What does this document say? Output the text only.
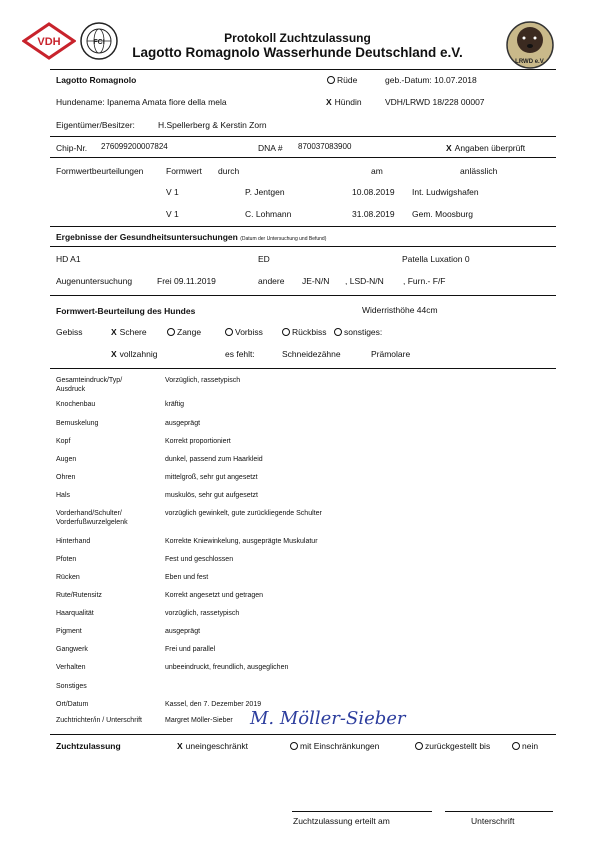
VDH	FCI
LRWD e.V.
Protokoll Zuchtzulassung
Lagotto Romagnolo Wasserhunde Deutschland e.V.
Lagotto Romagnolo	Rüde	geb.-Datum: 10.07.2018
Hundename: Ipanema Amata fiore della mela	X Hündin	VDH/LRWD 18/228 00007
Eigentümer/Besitzer:	H.Spellerberg & Kerstin Zorn
Chip-Nr. 276099200007824	DNA # 870037083900	X Angaben überprüft
Formwertbeurteilungen	Formwert durch	am	anlässlich
V 1	P. Jentgen	10.08.2019 Int. Ludwigshafen
V 1	C. Lohmann	31.08.2019 Gem. Moosburg
Ergebnisse der Gesundheitsuntersuchungen (Datum der Untersuchung und Befund)
HD A1	ED	Patella Luxation 0
Augenuntersuchung	Frei 09.11.2019	andere JE-N/N , LSD-N/N , Furn.- F/F
Formwert-Beurteilung des Hundes	Widerristhöhe 44cm
Gebiss	X Schere	Zange	Vorbiss	Rückbiss	sonstiges:
X vollzahnig	es fehlt:	Schneidezähne	Prämolare
Gesamteindruck/Typ/
Ausdruck
Vorzüglich, rassetypisch
Knochenbau	kräftig
Bemuskelung	ausgeprägt
Kopf	Korrekt proportioniert
Augen	dunkel, passend zum Haarkleid
Ohren	mittelgroß, sehr gut angesetzt
Hals	muskulös, sehr gut aufgesetzt
Vorderhand/Schulter/
Vorderfußwurzelgelenk
vorzüglich gewinkelt, gute zurückliegende Schulter
Hinterhand	Korrekte Kniewinkelung, ausgeprägte Muskulatur
Pfoten	Fest und geschlossen
Rücken	Eben und fest
Rute/Rutensitz	Korrekt angesetzt und getragen
Haarqualität	vorzüglich, rassetypisch
Pigment	ausgeprägt
Gangwerk	Frei und parallel
Verhalten	unbeeindruckt, freundlich, ausgeglichen
Sonstiges
Ort/Datum	Kassel, den 7. Dezember 2019
Zuchtrichter/in / Unterschrift	Margret Möller-Sieber M. Möller-Sieber
Zuchtzulassung	X uneingeschränkt	mit Einschränkungen	zurückgestellt bis	nein
Zuchtzulassung erteilt am	Unterschrift
